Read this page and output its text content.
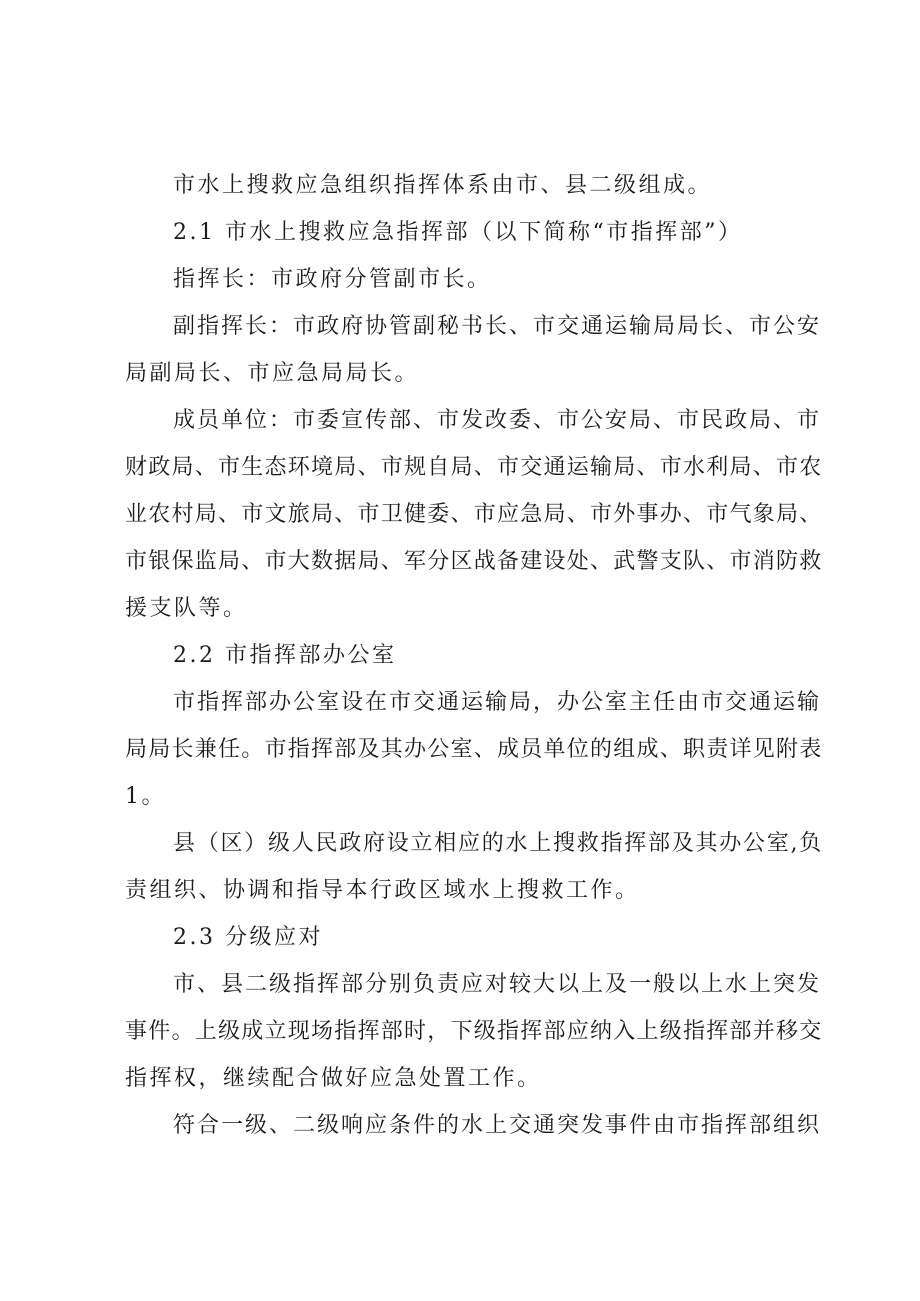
市水上搜救应急组织指挥体系由市、县二级组成。
2.1 市水上搜救应急指挥部（以下简称“市指挥部”）
指挥长：市政府分管副市长。
副指挥长：市政府协管副秘书长、市交通运输局局长、市公安
局副局长、市应急局局长。
成员单位：市委宣传部、市发改委、市公安局、市民政局、市
财政局、市生态环境局、市规自局、市交通运输局、市水利局、市农
业农村局、市文旅局、市卫健委、市应急局、市外事办、市气象局、
市银保监局、市大数据局、军分区战备建设处、武警支队、市消防救
援支队等。
2.2 市指挥部办公室
市指挥部办公室设在市交通运输局，办公室主任由市交通运输
局局长兼任。市指挥部及其办公室、成员单位的组成、职责详见附表
1。
县（区）级人民政府设立相应的水上搜救指挥部及其办公室,负
责组织、协调和指导本行政区域水上搜救工作。
2.3 分级应对
市、县二级指挥部分别负责应对较大以上及一般以上水上突发
事件。上级成立现场指挥部时，下级指挥部应纳入上级指挥部并移交
指挥权，继续配合做好应急处置工作。
符合一级、二级响应条件的水上交通突发事件由市指挥部组织
